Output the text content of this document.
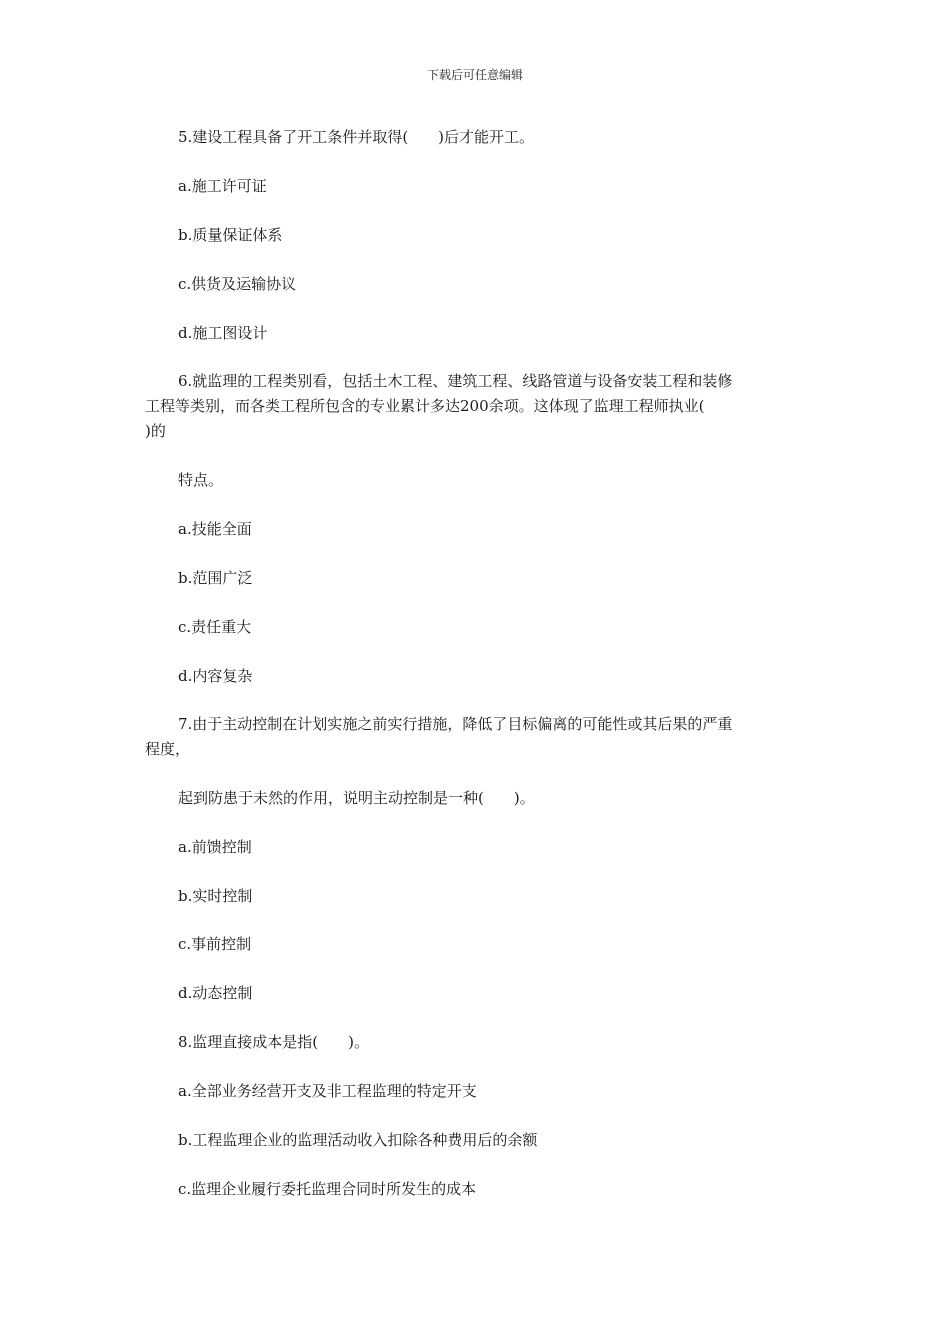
下载后可任意编辑
5.建设工程具备了开工条件并取得(　　)后才能开工。
a.施工许可证
b.质量保证体系
c.供货及运输协议
d.施工图设计
6.就监理的工程类别看，包括土木工程、建筑工程、线路管道与设备安装工程和装修
工程等类别，而各类工程所包含的专业累计多达200余项。这体现了监理工程师执业(
)的
特点。
a.技能全面
b.范围广泛
c.责任重大
d.内容复杂
7.由于主动控制在计划实施之前实行措施，降低了目标偏离的可能性或其后果的严重
程度，
起到防患于未然的作用，说明主动控制是一种(　　)。
a.前馈控制
b.实时控制
c.事前控制
d.动态控制
8.监理直接成本是指(　　)。
a.全部业务经营开支及非工程监理的特定开支
b.工程监理企业的监理活动收入扣除各种费用后的余额
c.监理企业履行委托监理合同时所发生的成本
